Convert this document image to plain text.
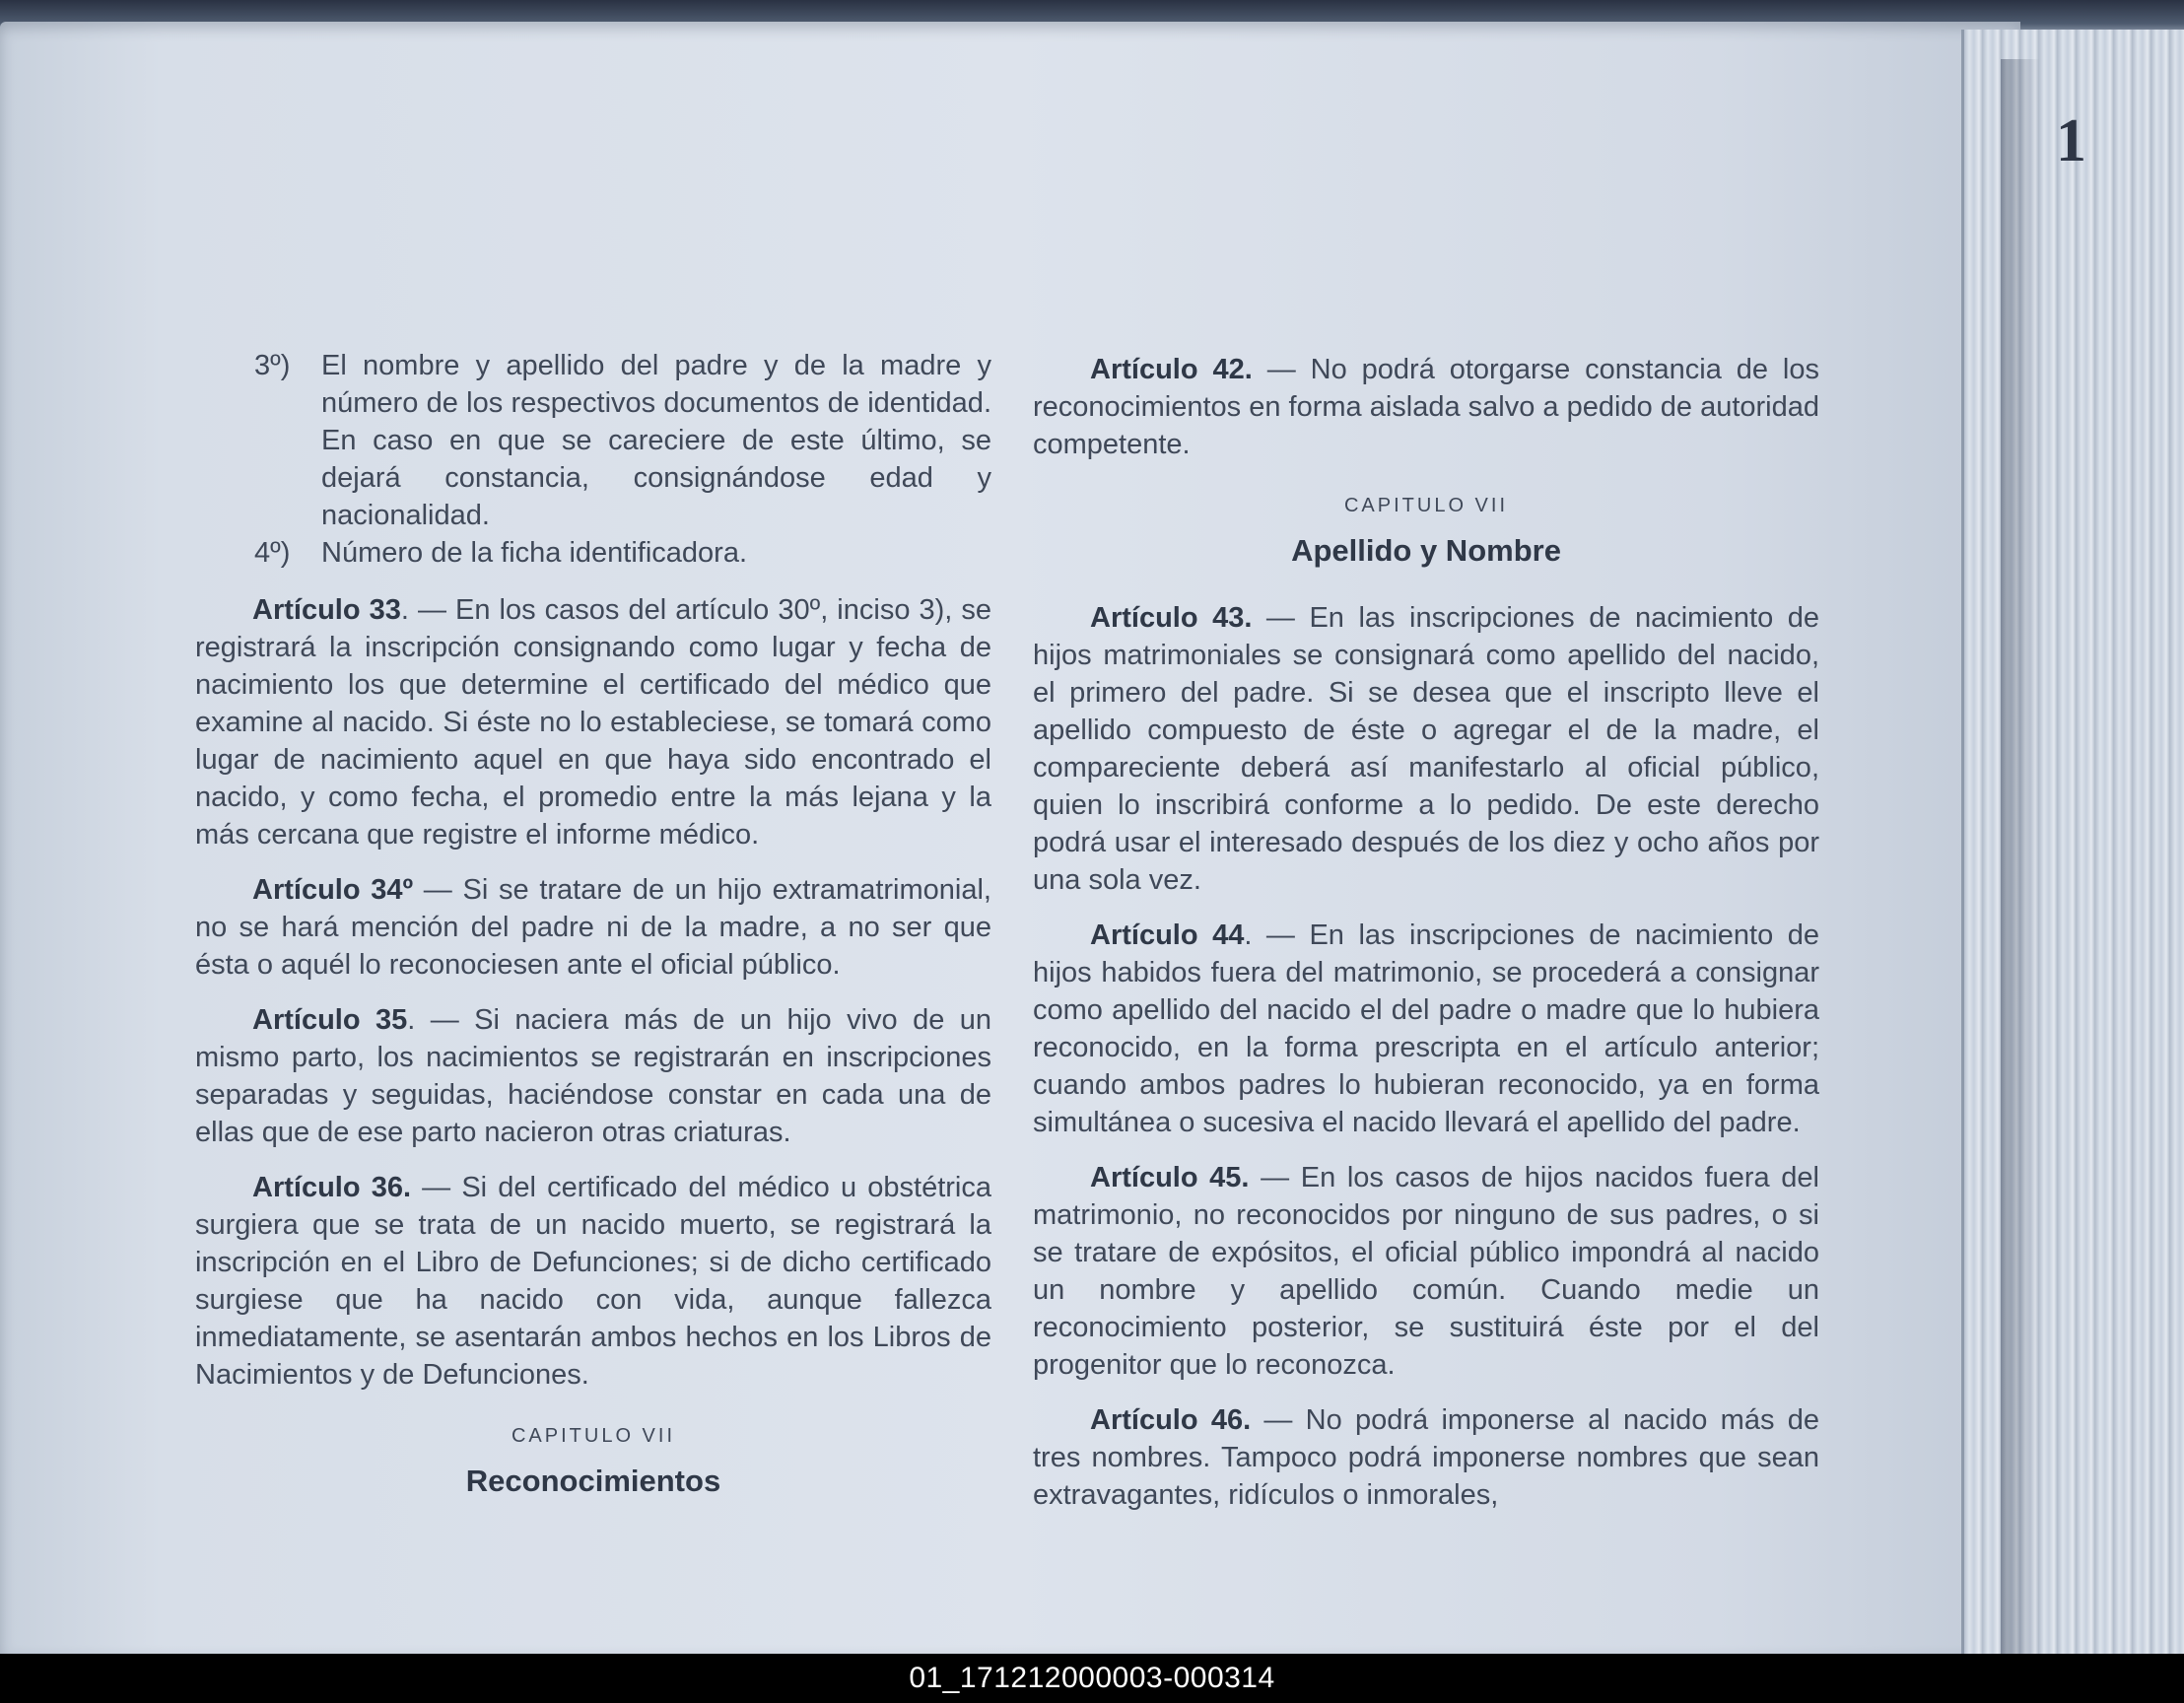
1
3º)	El nombre y apellido del padre y de la madre y número de los respectivos documentos de identidad. En caso en que se careciere de este último, se dejará constancia, consignándose edad y nacionalidad.
4º)	Número de la ficha identificadora.

Artículo 33. — En los casos del artículo 30º, inciso 3), se registrará la inscripción consignando como lugar y fecha de nacimiento los que determine el certificado del médico que examine al nacido. Si éste no lo estableciese, se tomará como lugar de nacimiento aquel en que haya sido encontrado el nacido, y como fecha, el promedio entre la más lejana y la más cercana que registre el informe médico.

Artículo 34º — Si se tratare de un hijo extramatrimonial, no se hará mención del padre ni de la madre, a no ser que ésta o aquél lo reconociesen ante el oficial público.

Artículo 35. — Si naciera más de un hijo vivo de un mismo parto, los nacimientos se registrarán en inscripciones separadas y seguidas, haciéndose constar en cada una de ellas que de ese parto nacieron otras criaturas.

Artículo 36. — Si del certificado del médico u obstétrica surgiera que se trata de un nacido muerto, se registrará la inscripción en el Libro de Defunciones; si de dicho certificado surgiese que ha nacido con vida, aunque fallezca inmediatamente, se asentarán ambos hechos en los Libros de Nacimientos y de Defunciones.

CAPITULO VII
Reconocimientos

Artículo 42. — No podrá otorgarse constancia de los reconocimientos en forma aislada salvo a pedido de autoridad competente.

CAPITULO VII
Apellido y Nombre

Artículo 43. — En las inscripciones de nacimiento de hijos matrimoniales se consignará como apellido del nacido, el primero del padre. Si se desea que el inscripto lleve el apellido compuesto de éste o agregar el de la madre, el compareciente deberá así manifestarlo al oficial público, quien lo inscribirá conforme a lo pedido. De este derecho podrá usar el interesado después de los diez y ocho años por una sola vez.

Artículo 44. — En las inscripciones de nacimiento de hijos habidos fuera del matrimonio, se procederá a consignar como apellido del nacido el del padre o madre que lo hubiera reconocido, en la forma prescripta en el artículo anterior; cuando ambos padres lo hubieran reconocido, ya en forma simultánea o sucesiva el nacido llevará el apellido del padre.

Artículo 45. — En los casos de hijos nacidos fuera del matrimonio, no reconocidos por ninguno de sus padres, o si se tratare de expósitos, el oficial público impondrá al nacido un nombre y apellido común. Cuando medie un reconocimiento posterior, se sustituirá éste por el del progenitor que lo reconozca.

Artículo 46. — No podrá imponerse al nacido más de tres nombres. Tampoco podrá imponerse nombres que sean extravagantes, ridículos o inmorales,

01_171212000003-000314
